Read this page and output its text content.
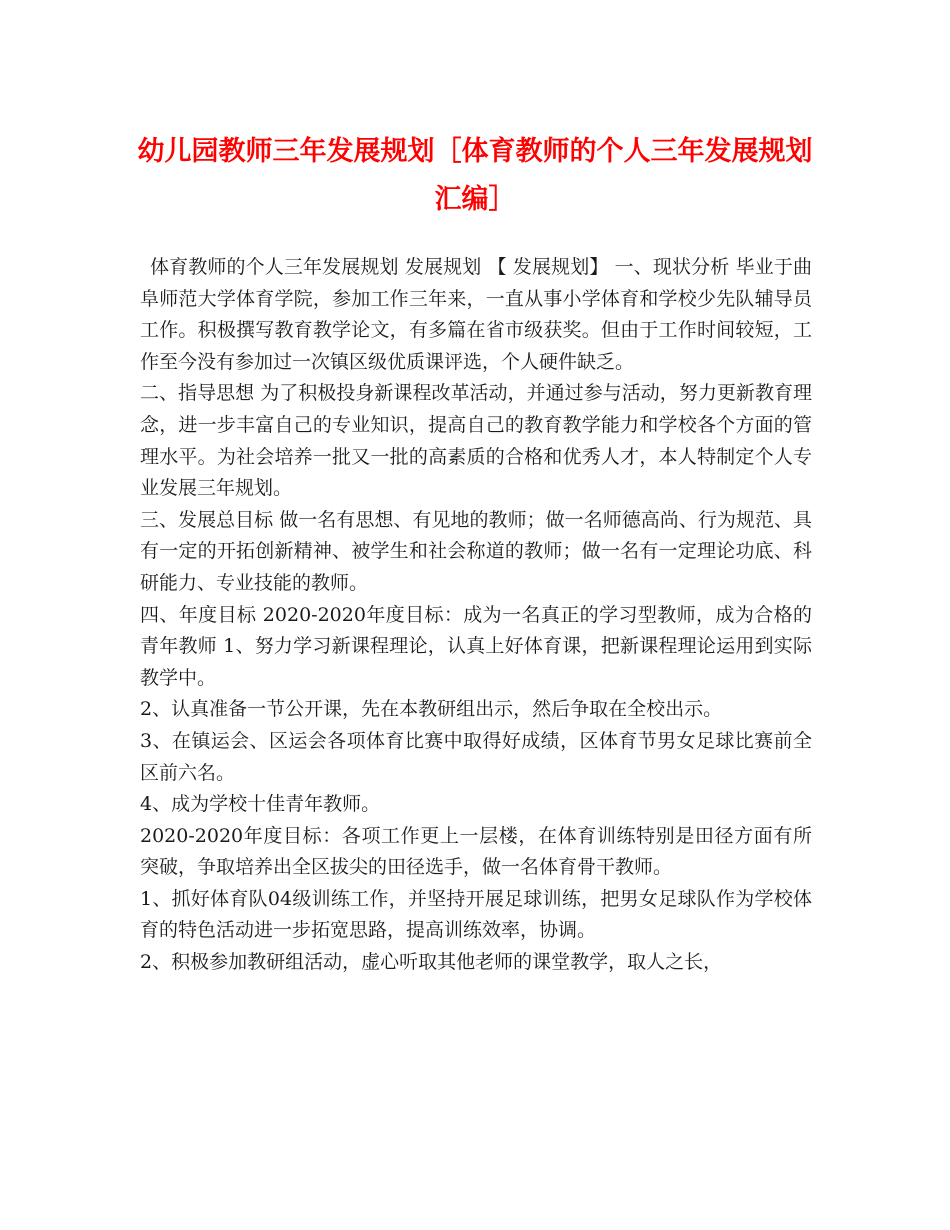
幼儿园教师三年发展规划［体育教师的个人三年发展规划汇编］

体育教师的个人三年发展规划 发展规划 【 发展规划】 一、现状分析 毕业于曲阜师范大学体育学院，参加工作三年来，一直从事小学体育和学校少先队辅导员工作。积极撰写教育教学论文，有多篇在省市级获奖。但由于工作时间较短，工作至今没有参加过一次镇区级优质课评选，个人硬件缺乏。

二、指导思想 为了积极投身新课程改革活动，并通过参与活动，努力更新教育理念，进一步丰富自己的专业知识，提高自己的教育教学能力和学校各个方面的管理水平。为社会培养一批又一批的高素质的合格和优秀人才，本人特制定个人专业发展三年规划。

三、发展总目标 做一名有思想、有见地的教师；做一名师德高尚、行为规范、具有一定的开拓创新精神、被学生和社会称道的教师；做一名有一定理论功底、科研能力、专业技能的教师。

四、年度目标 2020-2020年度目标：成为一名真正的学习型教师，成为合格的青年教师 1、努力学习新课程理论，认真上好体育课，把新课程理论运用到实际教学中。

2、认真准备一节公开课，先在本教研组出示，然后争取在全校出示。

3、在镇运会、区运会各项体育比赛中取得好成绩，区体育节男女足球比赛前全区前六名。

4、成为学校十佳青年教师。

2020-2020年度目标：各项工作更上一层楼，在体育训练特别是田径方面有所突破，争取培养出全区拔尖的田径选手，做一名体育骨干教师。

1、抓好体育队04级训练工作，并坚持开展足球训练，把男女足球队作为学校体育的特色活动进一步拓宽思路，提高训练效率，协调。

2、积极参加教研组活动，虚心听取其他老师的课堂教学，取人之长，
